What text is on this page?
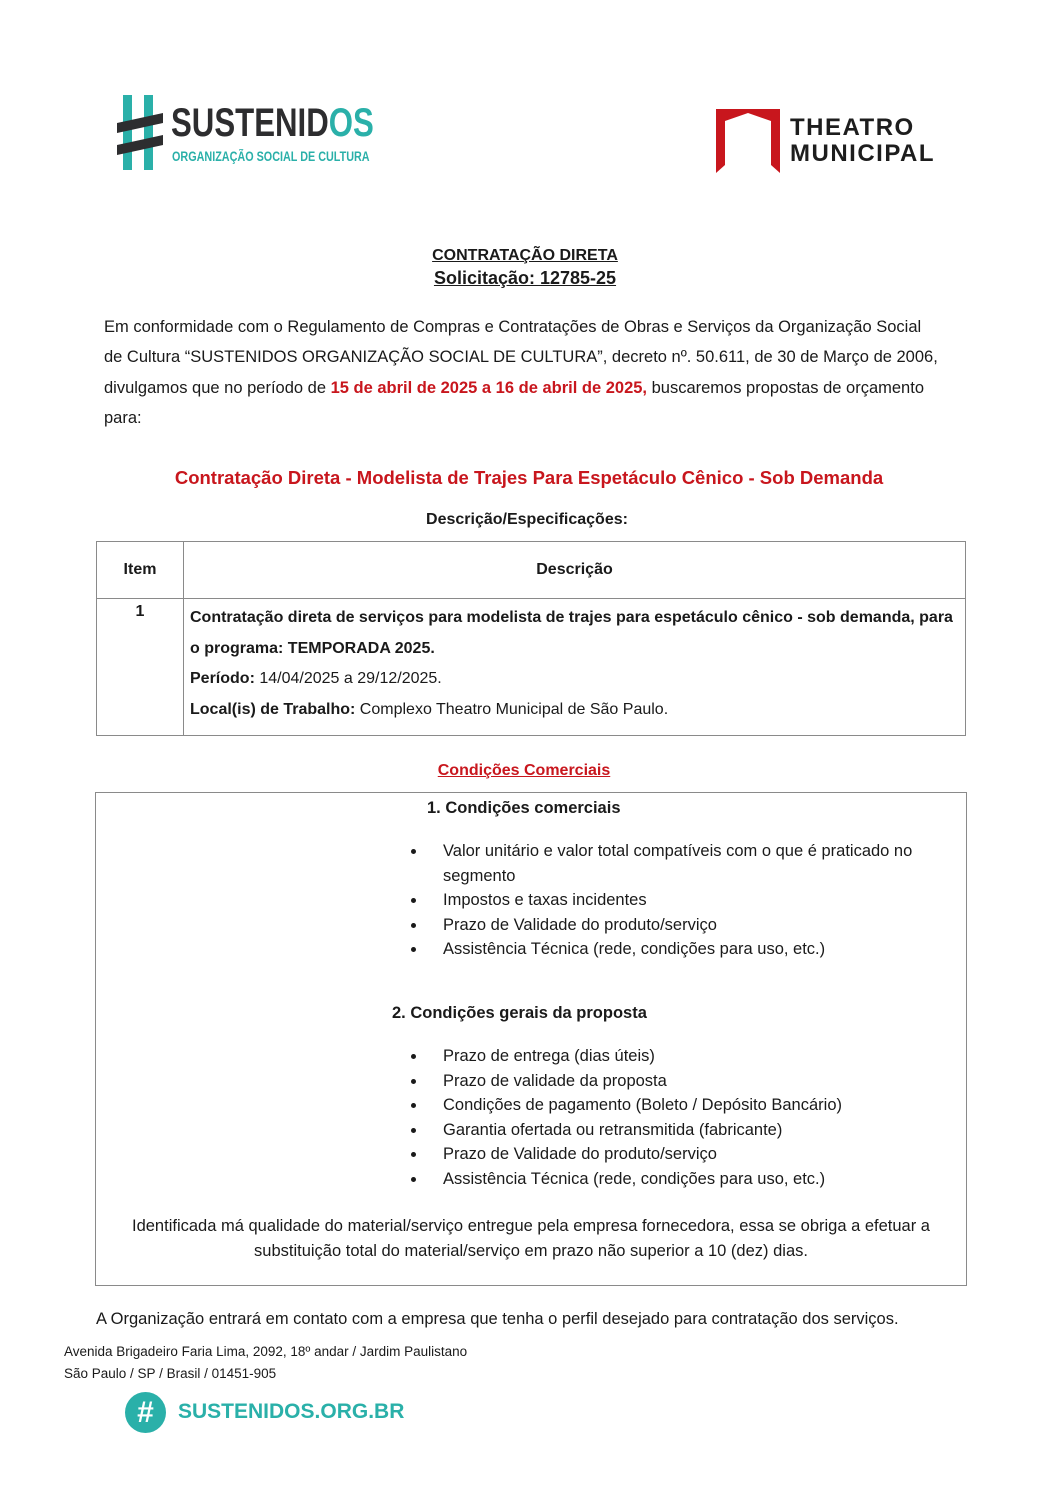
SUSTENIDOS
ORGANIZAÇÃO SOCIAL DE CULTURA
THEATRO
MUNICIPAL
CONTRATAÇÃO DIRETA
Solicitação: 12785-25
Em conformidade com o Regulamento de Compras e Contratações de Obras e Serviços da Organização Social de Cultura “SUSTENIDOS ORGANIZAÇÃO SOCIAL DE CULTURA”, decreto nº. 50.611, de 30 de Março de 2006, divulgamos que no período de 15 de abril de 2025 a 16 de abril de 2025, buscaremos propostas de orçamento para:
Contratação Direta - Modelista de Trajes Para Espetáculo Cênico - Sob Demanda
Descrição/Especificações:
Item	Descrição
1	Contratação direta de serviços para modelista de trajes para espetáculo cênico - sob demanda, para o programa: TEMPORADA 2025.
Período: 14/04/2025 a 29/12/2025.
Local(is) de Trabalho: Complexo Theatro Municipal de São Paulo.
Condições Comerciais
1. Condições comerciais
Valor unitário e valor total compatíveis com o que é praticado no segmento
Impostos e taxas incidentes
Prazo de Validade do produto/serviço
Assistência Técnica (rede, condições para uso, etc.)
2. Condições gerais da proposta
Prazo de entrega (dias úteis)
Prazo de validade da proposta
Condições de pagamento (Boleto / Depósito Bancário)
Garantia ofertada ou retransmitida (fabricante)
Prazo de Validade do produto/serviço
Assistência Técnica (rede, condições para uso, etc.)
Identificada má qualidade do material/serviço entregue pela empresa fornecedora, essa se obriga a efetuar a substituição total do material/serviço em prazo não superior a 10 (dez) dias.
A Organização entrará em contato com a empresa que tenha o perfil desejado para contratação dos serviços.
Avenida Brigadeiro Faria Lima, 2092, 18º andar / Jardim Paulistano
São Paulo / SP / Brasil / 01451-905
#	SUSTENIDOS.ORG.BR
